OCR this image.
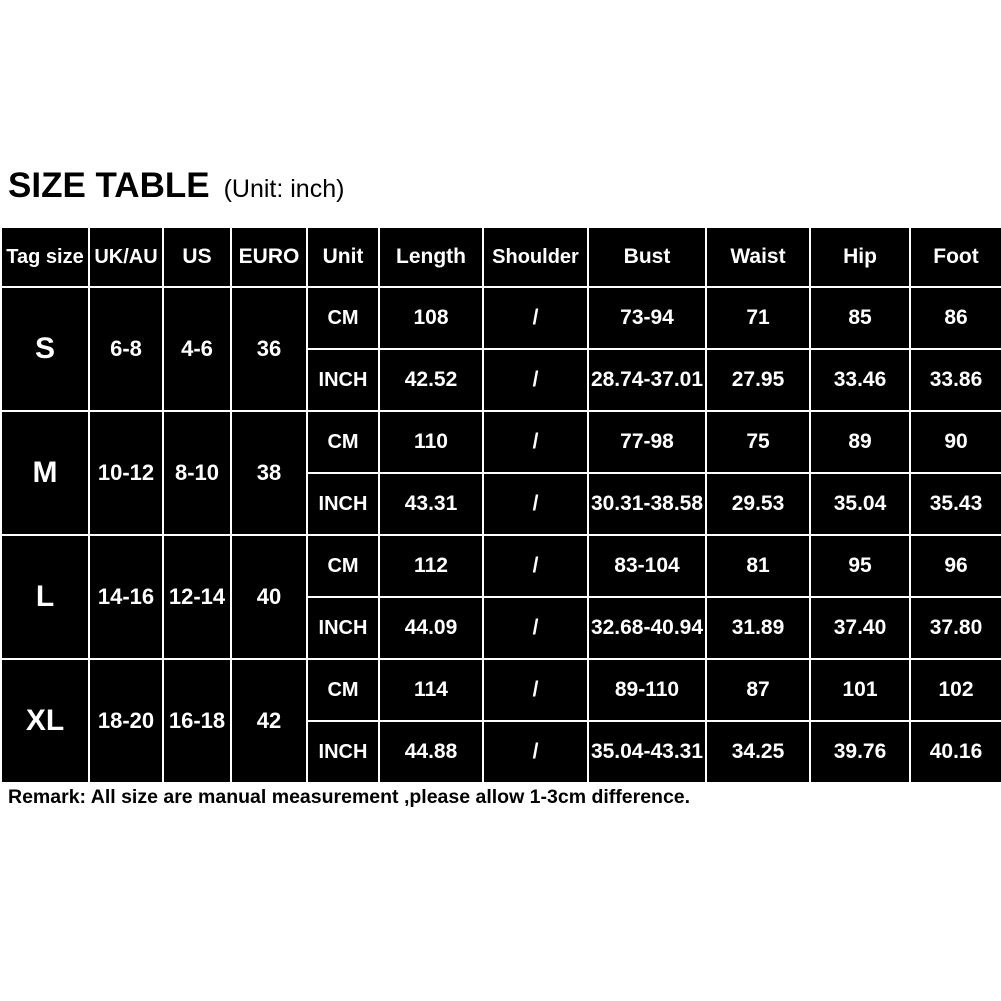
SIZE TABLE (Unit: inch)
Tag size	UK/AU	US	EURO	Unit	Length	Shoulder	Bust	Waist	Hip	Foot
S	6-8	4-6	36	CM	108	/	73-94	71	85	86
				INCH	42.52	/	28.74-37.01	27.95	33.46	33.86
M	10-12	8-10	38	CM	110	/	77-98	75	89	90
				INCH	43.31	/	30.31-38.58	29.53	35.04	35.43
L	14-16	12-14	40	CM	112	/	83-104	81	95	96
				INCH	44.09	/	32.68-40.94	31.89	37.40	37.80
XL	18-20	16-18	42	CM	114	/	89-110	87	101	102
				INCH	44.88	/	35.04-43.31	34.25	39.76	40.16
Remark: All size are manual measurement ,please allow 1-3cm difference.
